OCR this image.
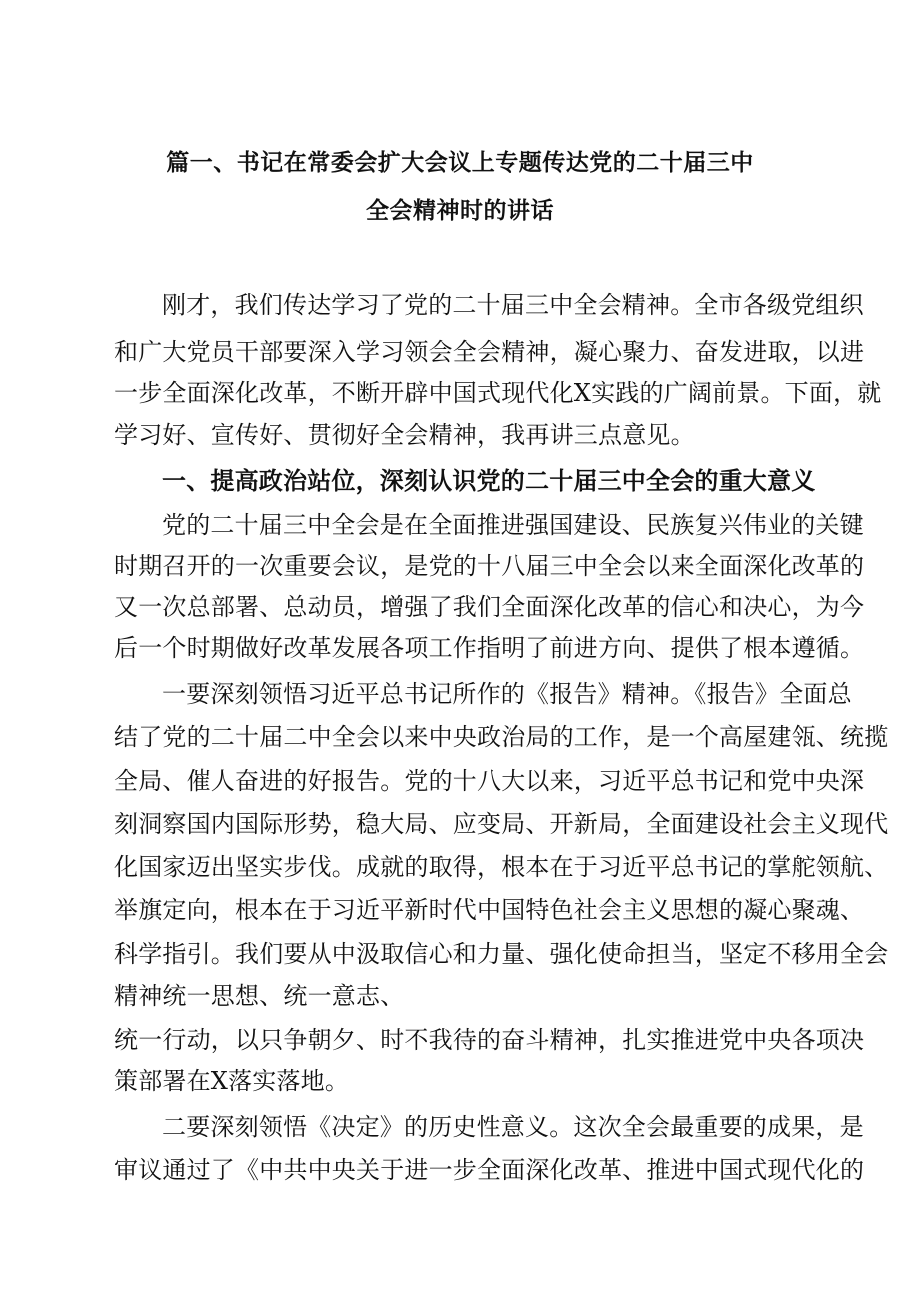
篇一、书记在常委会扩大会议上专题传达党的二十届三中
全会精神时的讲话
刚才，我们传达学习了党的二十届三中全会精神。全市各级党组织
和广大党员干部要深入学习领会全会精神，凝心聚力、奋发进取，以进
一步全面深化改革，不断开辟中国式现代化X实践的广阔前景。下面，就
学习好、宣传好、贯彻好全会精神，我再讲三点意见。
一、提高政治站位，深刻认识党的二十届三中全会的重大意义
党的二十届三中全会是在全面推进强国建设、民族复兴伟业的关键
时期召开的一次重要会议，是党的十八届三中全会以来全面深化改革的
又一次总部署、总动员，增强了我们全面深化改革的信心和决心，为今
后一个时期做好改革发展各项工作指明了前进方向、提供了根本遵循。
一要深刻领悟习近平总书记所作的《报告》精神。《报告》全面总
结了党的二十届二中全会以来中央政治局的工作，是一个高屋建瓴、统揽
全局、催人奋进的好报告。党的十八大以来，习近平总书记和党中央深
刻洞察国内国际形势，稳大局、应变局、开新局，全面建设社会主义现代
化国家迈出坚实步伐。成就的取得，根本在于习近平总书记的掌舵领航、
举旗定向，根本在于习近平新时代中国特色社会主义思想的凝心聚魂、
科学指引。我们要从中汲取信心和力量、强化使命担当，坚定不移用全会
精神统一思想、统一意志、
统一行动，以只争朝夕、时不我待的奋斗精神，扎实推进党中央各项决
策部署在X落实落地。
二要深刻领悟《决定》的历史性意义。这次全会最重要的成果，是
审议通过了《中共中央关于进一步全面深化改革、推进中国式现代化的
